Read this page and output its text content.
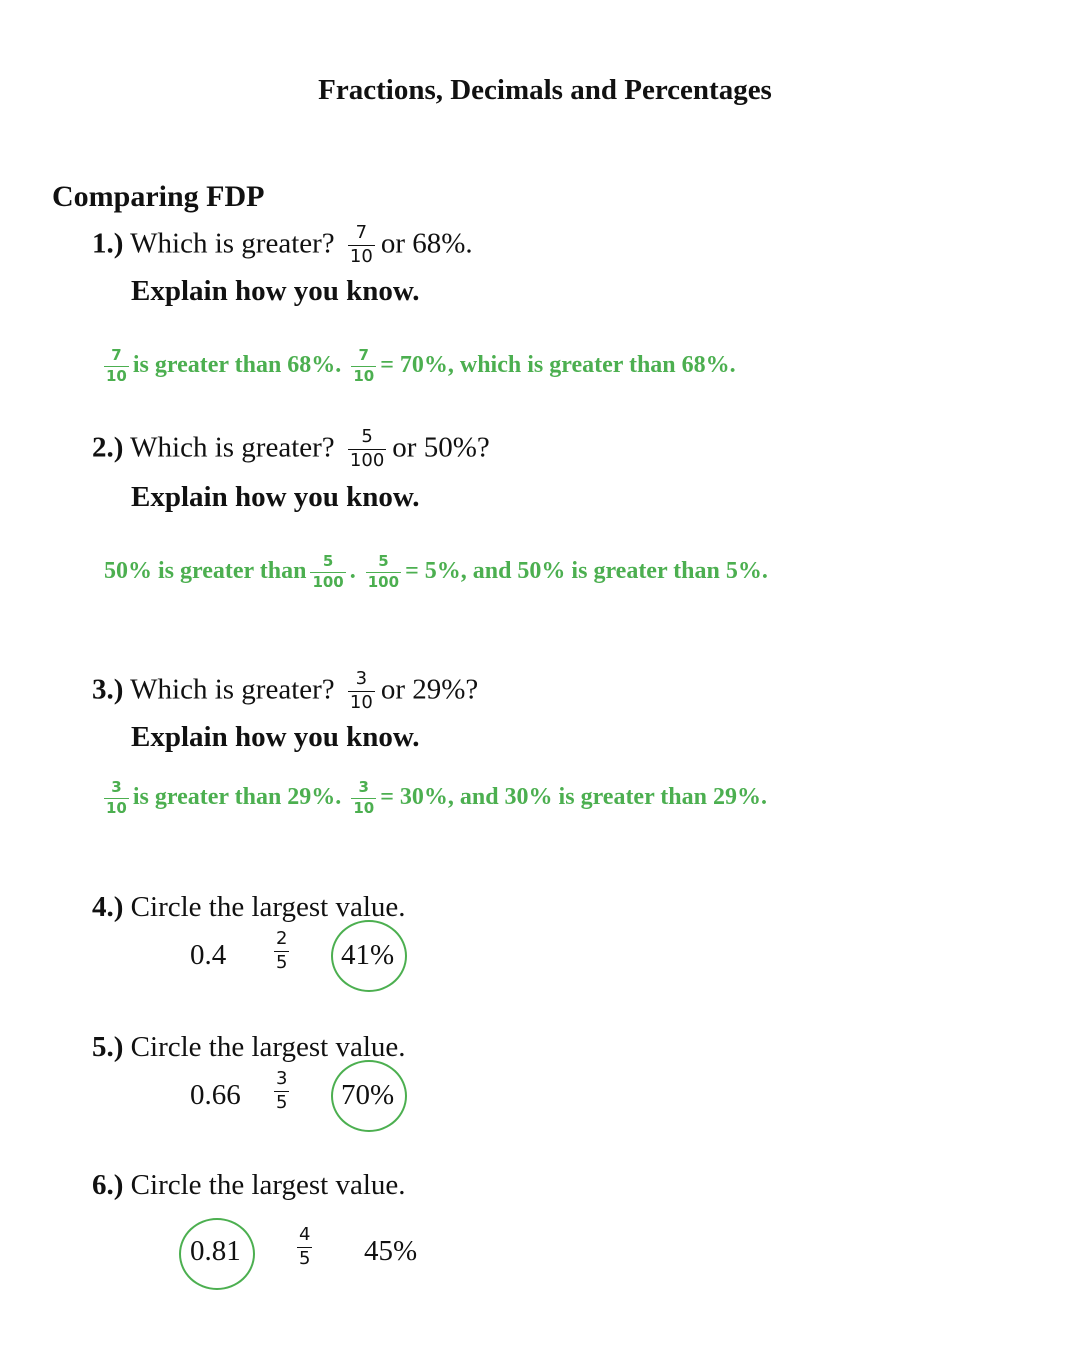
Fractions, Decimals and Percentages
Comparing FDP
1.) Which is greater? $\frac{7}{10}$ or 68%.
Explain how you know.
$\frac{7}{10}$ is greater than 68%. $\frac{7}{10} = 70\%$, which is greater than 68%.
2.) Which is greater? $\frac{5}{100}$ or 50%?
Explain how you know.
50% is greater than $\frac{5}{100}$ . $\frac{5}{100} = 5\%$, and 50% is greater than 5%.
3.) Which is greater? $\frac{3}{10}$ or 29%?
Explain how you know.
$\frac{3}{10}$ is greater than 29%. $\frac{3}{10} = 30\%$, and 30% is greater than 29%.
4.) Circle the largest value.
0.4	$\frac{2}{5} 41\%$
5.) Circle the largest value.
$0.66 \frac{3}{5} 70\%$
6.) Circle the largest value.
0.81	$\frac{4}{5} 45\%$
